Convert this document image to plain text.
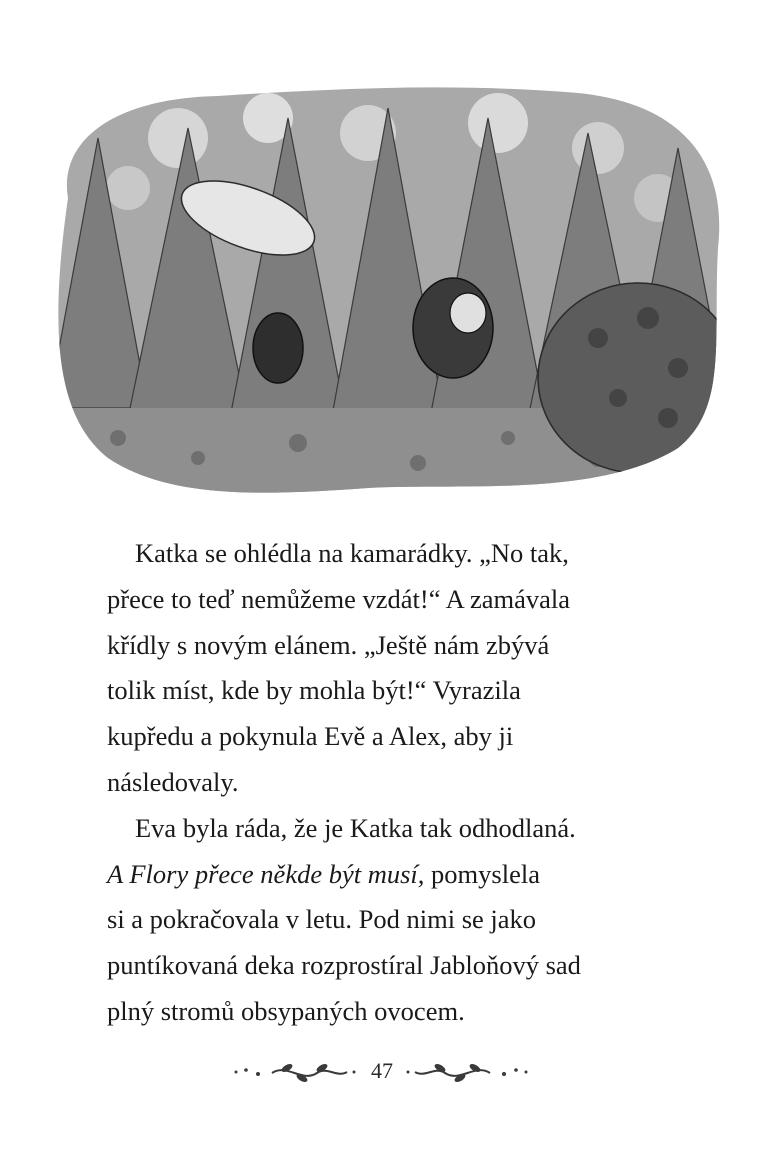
Katka se ohlédla na kamarádky. „No tak,
přece to teď nemůžeme vzdát!“ A zamávala
křídly s novým elánem. „Ještě nám zbývá
tolik míst, kde by mohla být!“ Vyrazila
kupředu a pokynula Evě a Alex, aby ji
následovaly.
Eva byla ráda, že je Katka tak odhodlaná.
A Flory přece někde být musí, pomyslela
si a pokračovala v letu. Pod nimi se jako
puntíkovaná deka rozprostíral Jabloňový sad
plný stromů obsypaných ovocem.
47
